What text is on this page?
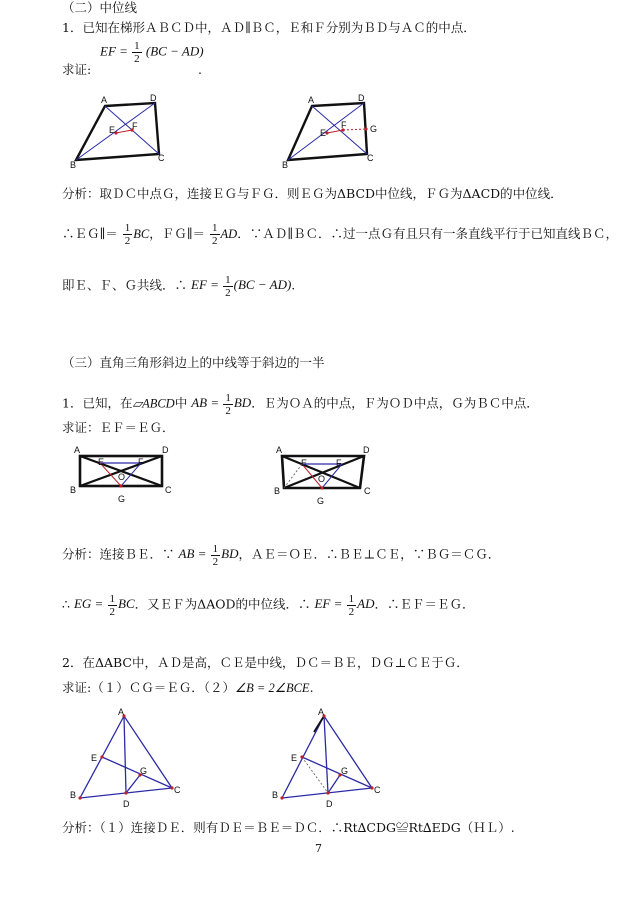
（二）中位线
1．已知在梯形ＡＢＣＤ中，ＡＤ∥ＢＣ，Ｅ和Ｆ分别为ＢＤ与ＡＣ的中点．
EF = $\frac{1}{2} (BC - AD)$
求证:	.
A	D
E F
B
C
A	D
E
F	G
B
C
分析：取ＤＣ中点Ｇ，连接ＥＧ与ＦＧ．则ＥＧ为ΔBCD中位线，ＦＧ为ΔACD的中位线．
∴ＥＧ∥＝ $\frac{1}{2}$ BC，ＦＧ∥＝ $\frac{1}{2}$ AD．∵ＡＤ∥ＢＣ．∴过一点Ｇ有且只有一条直线平行于已知直线ＢＣ，
即Ｅ、Ｆ、Ｇ共线．∴ EF = $\frac{1}{2} (BC - AD)$.
（三）直角三角形斜边上的中线等于斜边的一半
1．已知，在▱ABCD中 AB = $\frac{1}{2}$ BD．Ｅ为ＯＡ的中点，Ｆ为ＯＤ中点，Ｇ为ＢＣ中点．
求证：ＥＦ＝ＥＧ．
A	D
E	F
O
B	C
G
A	D
E	F
O
B	C
G
分析：连接ＢＥ．∵ AB = $\frac{1}{2}$ BD，ＡＥ＝ＯＥ．∴ＢＥ⊥ＣＥ，∵ＢＧ＝ＣＧ．
∴ EG = $\frac{1}{2}$ BC．又ＥＦ为ΔAOD的中位线．∴ EF = $\frac{1}{2}$ AD．∴ＥＦ＝ＥＧ．
2．在ΔABC中，ＡＤ是高，ＣＥ是中线，ＤＣ＝ＢＥ，ＤＧ⊥ＣＥ于Ｇ．
求证:（１）ＣＧ＝ＥＧ．（２）∠B = 2∠BCE.
A
B	C
D
E
G
A
B	C
D
E
G
分析：（１）连接ＤＥ．则有ＤＥ＝ＢＥ＝ＤＣ．∴Rt∆CDG≌Rt∆EDG（ＨＬ）.
7
